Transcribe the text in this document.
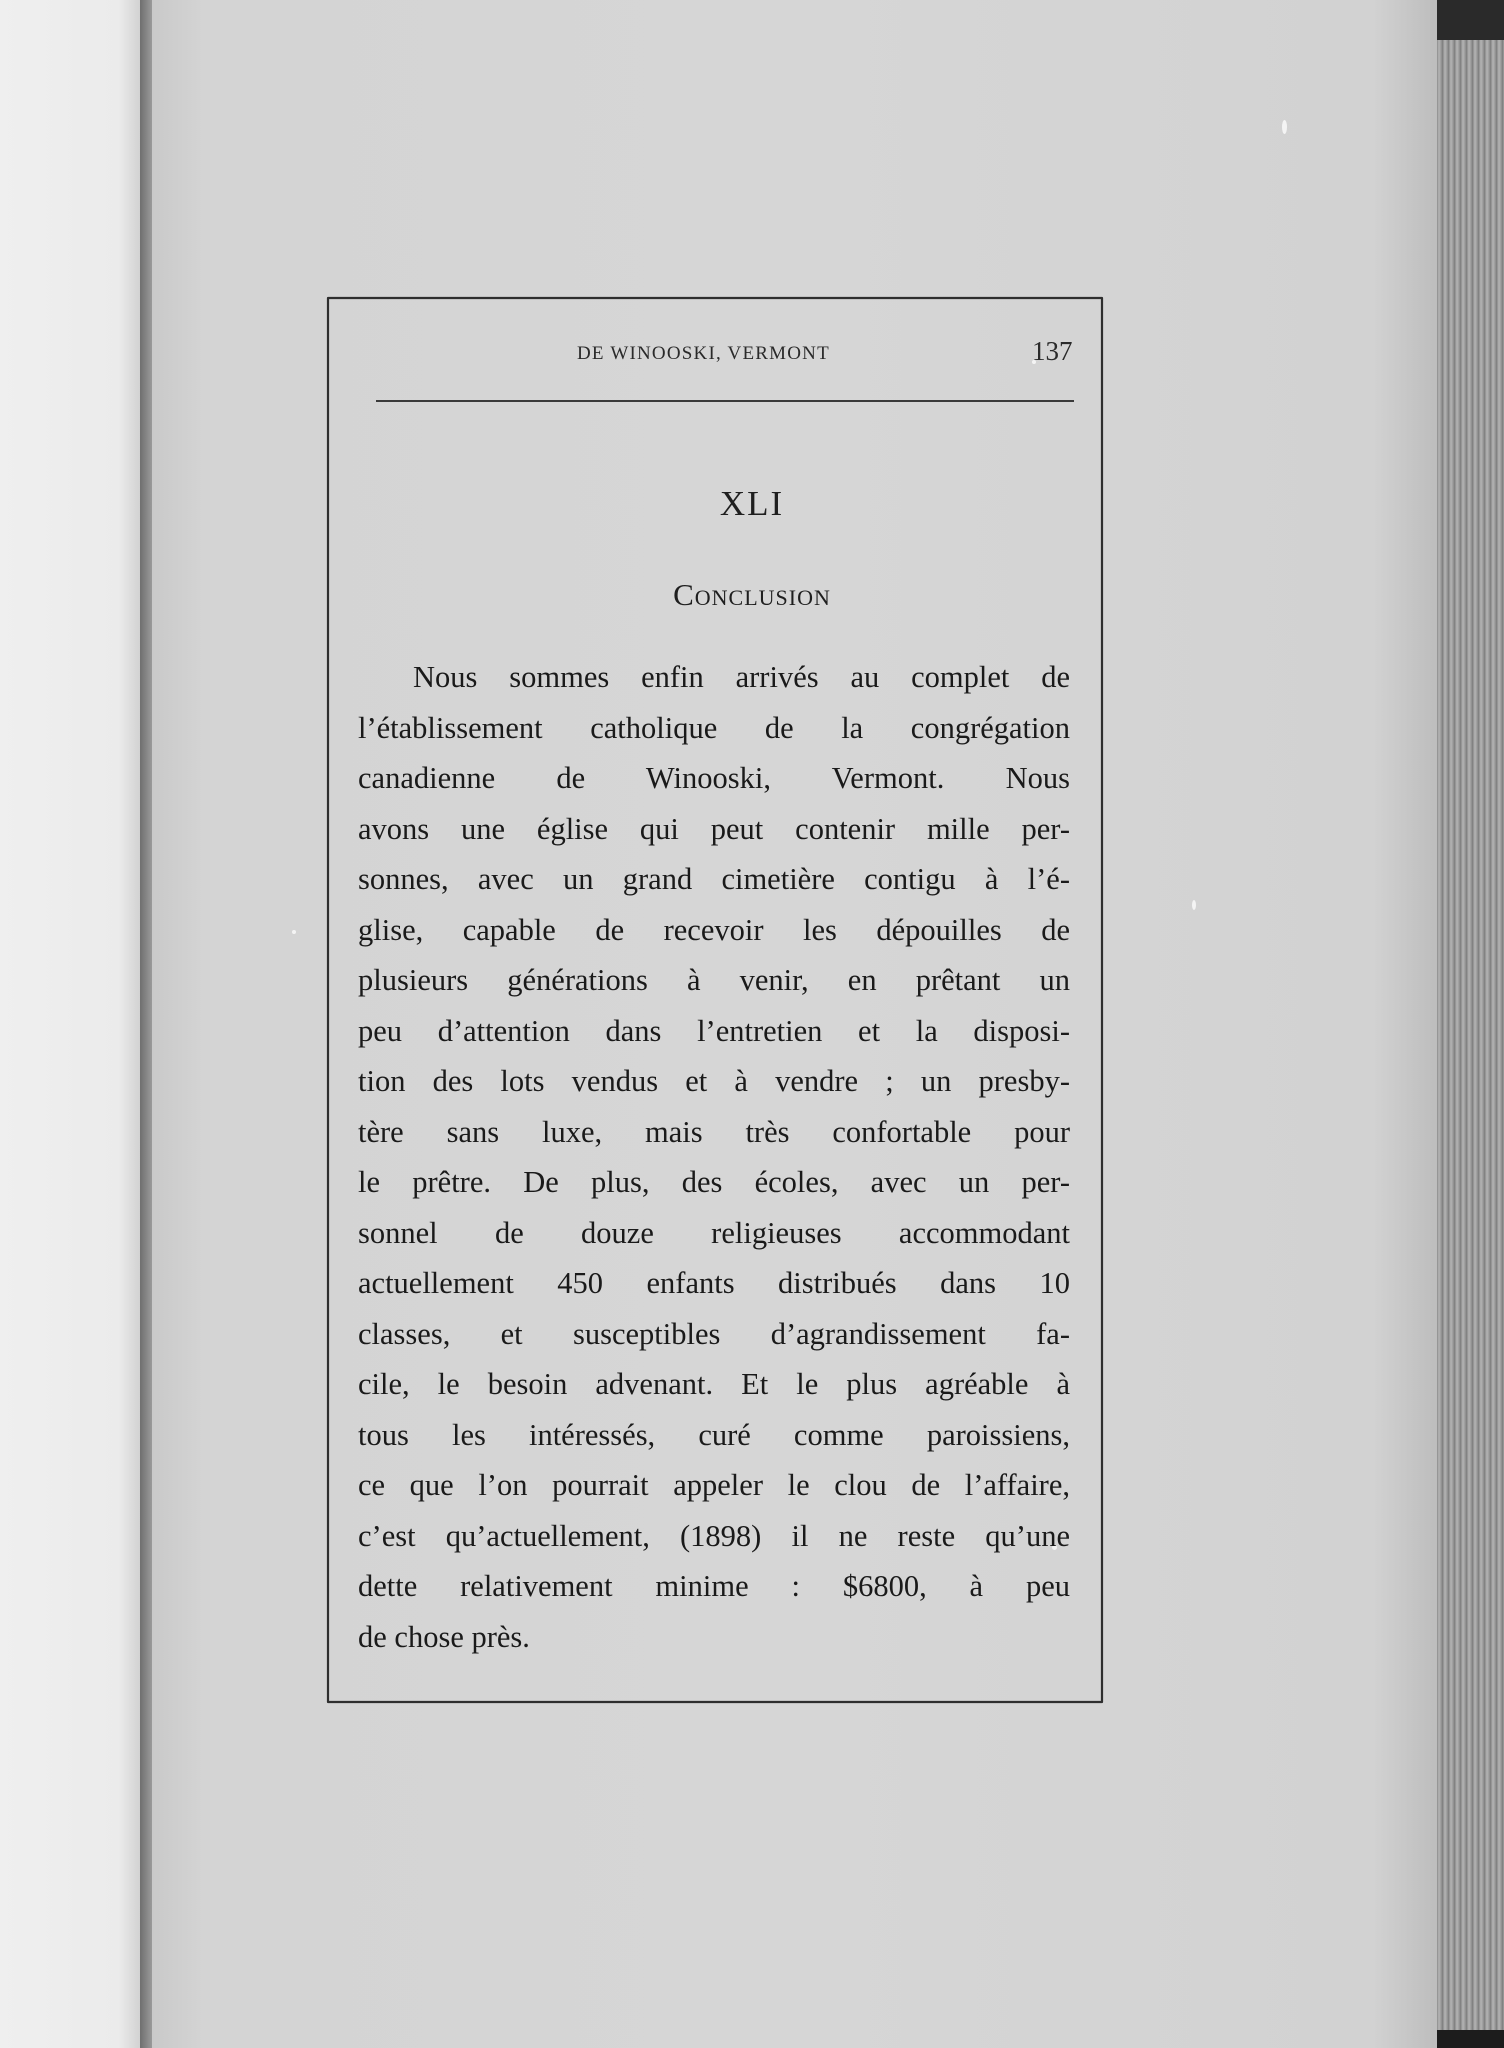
DE WINOOSKI, VERMONT	137
XLI
Conclusion
Nous sommes enfin arrivés au complet de
l’établissement catholique de la congrégation
canadienne de Winooski, Vermont. Nous
avons une église qui peut contenir mille per-
sonnes, avec un grand cimetière contigu à l’é-
glise, capable de recevoir les dépouilles de
plusieurs générations à venir, en prêtant un
peu d’attention dans l’entretien et la disposi-
tion des lots vendus et à vendre ; un presby-
tère sans luxe, mais très confortable pour
le prêtre. De plus, des écoles, avec un per-
sonnel de douze religieuses accommodant
actuellement 450 enfants distribués dans 10
classes, et susceptibles d’agrandissement fa-
cile, le besoin advenant. Et le plus agréable à
tous les intéressés, curé comme paroissiens,
ce que l’on pourrait appeler le clou de l’affaire,
c’est qu’actuellement, (1898) il ne reste qu’une
dette relativement minime : $6800, à peu
de chose près.
